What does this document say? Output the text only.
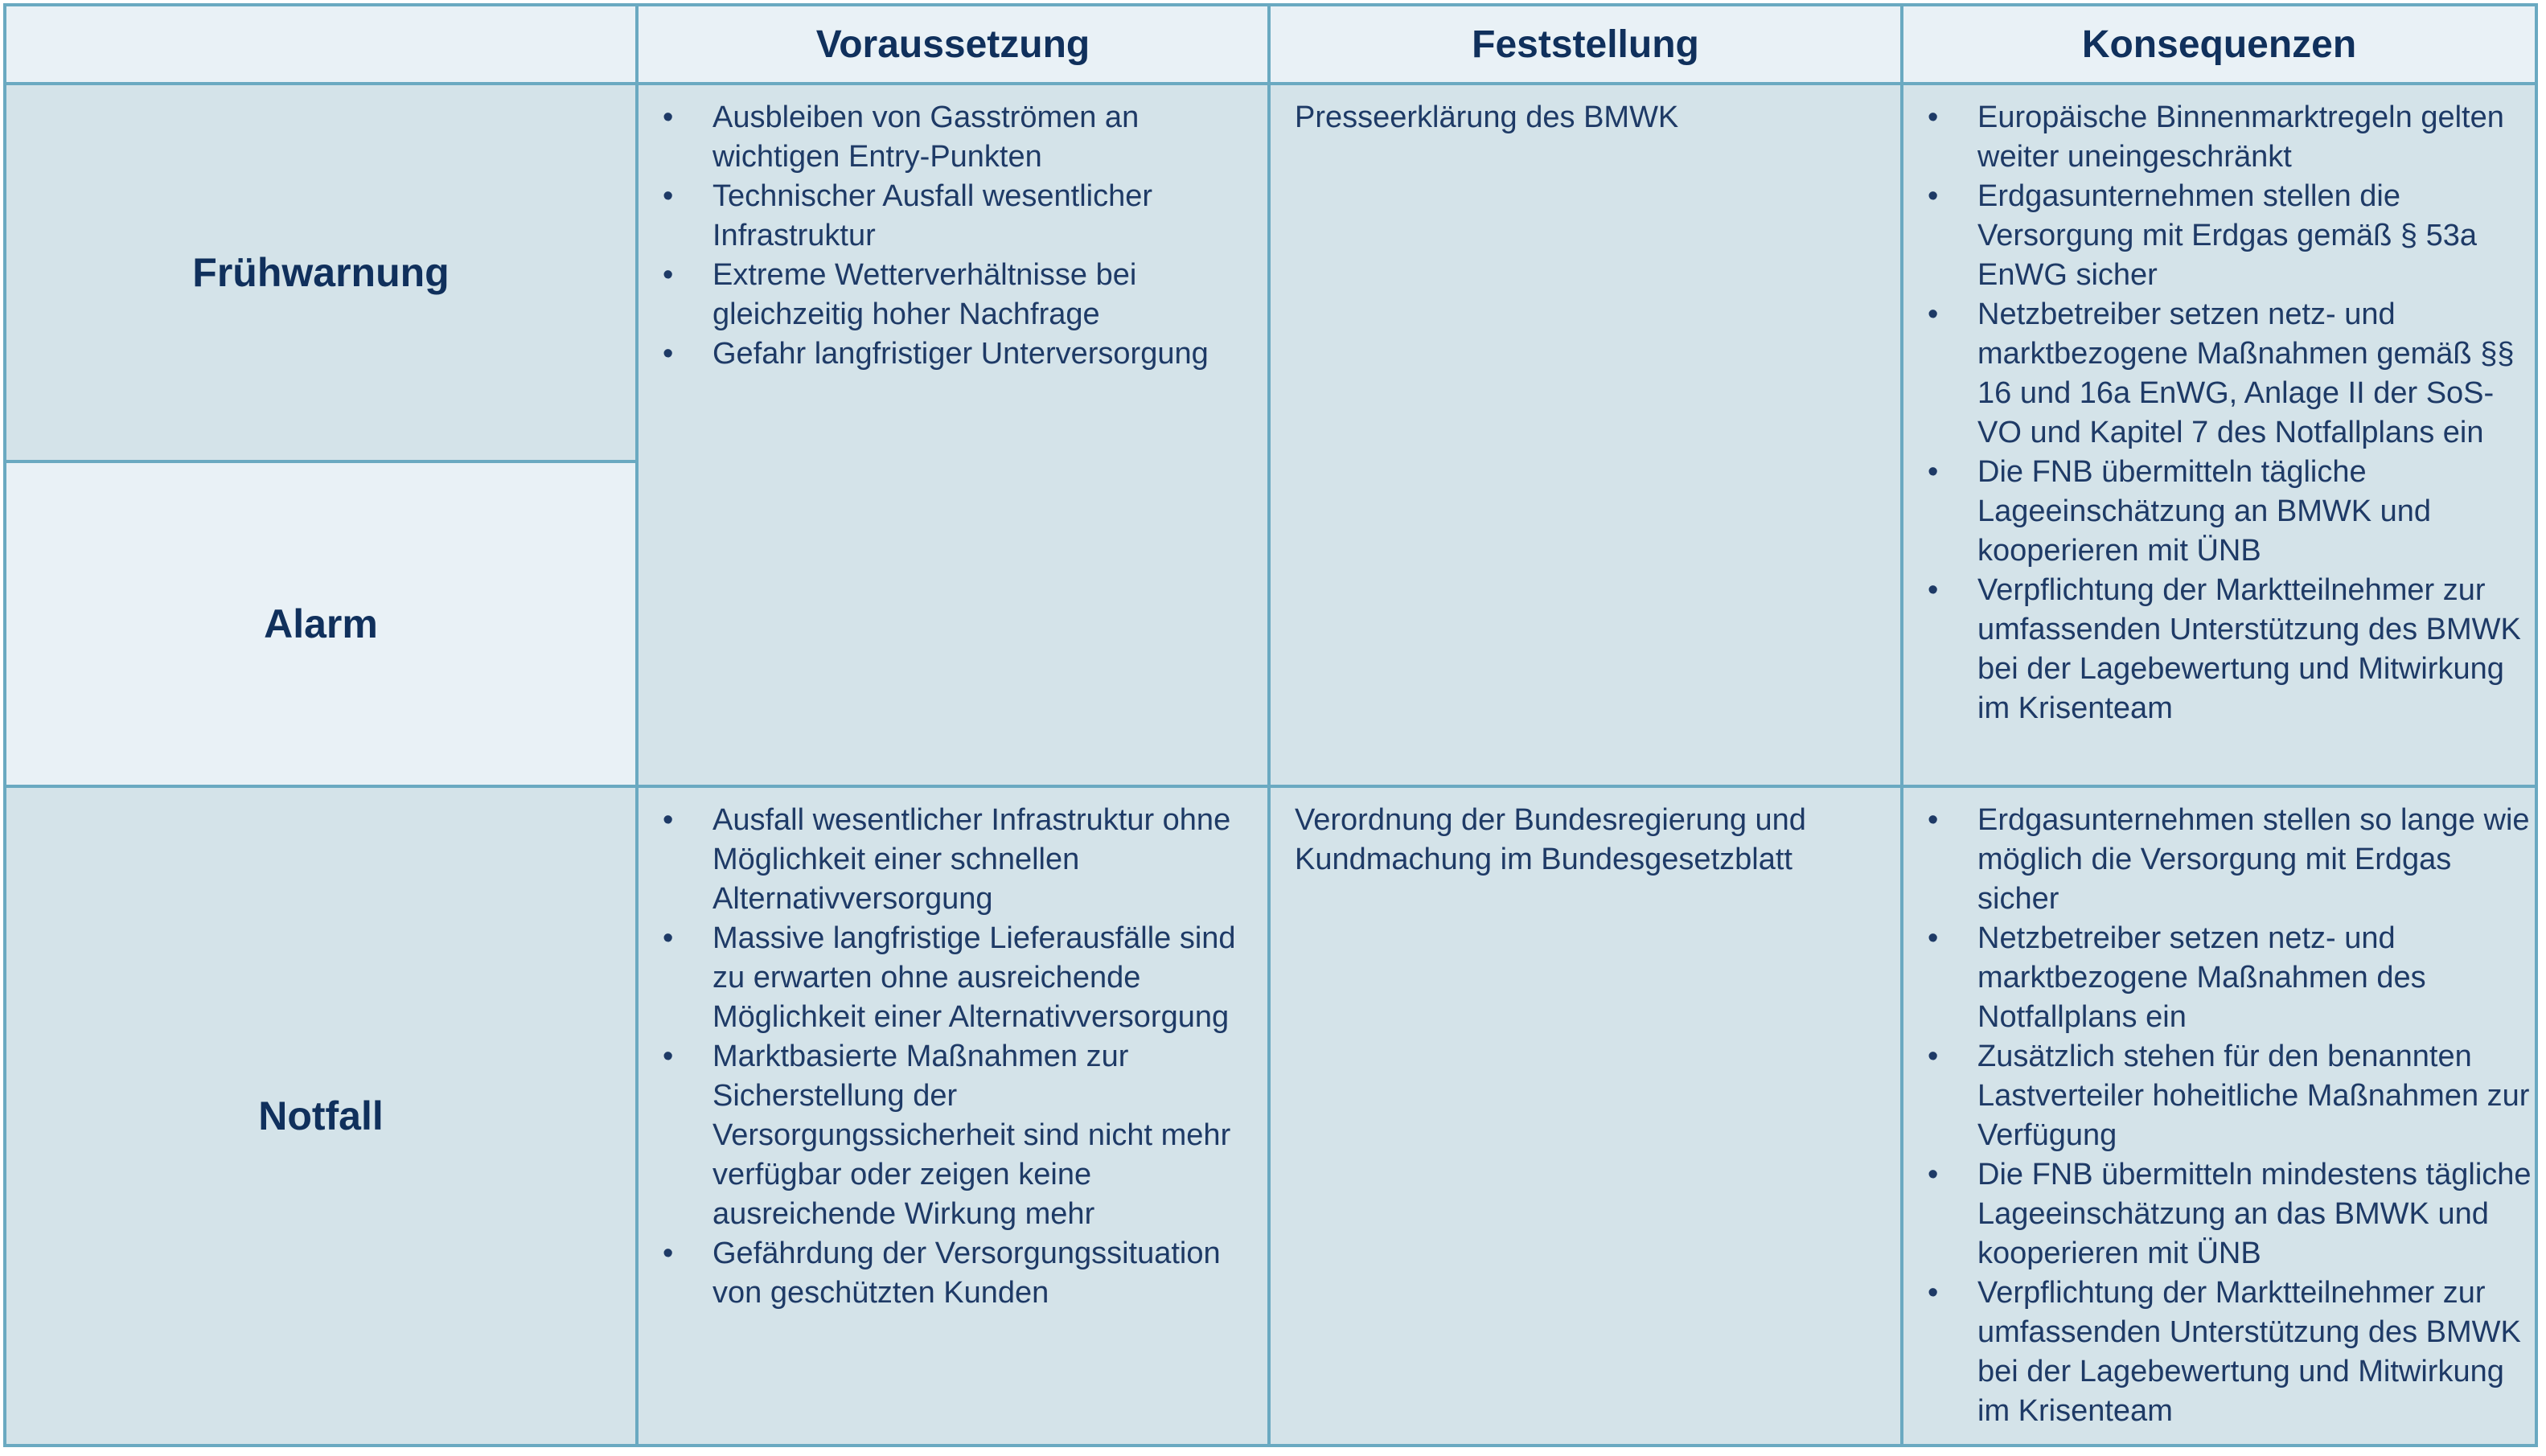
Voraussetzung	Feststellung	Konsequenzen
Frühwarnung
Alarm
Notfall
• Ausbleiben von Gasströmen an wichtigen Entry-Punkten
• Technischer Ausfall wesentlicher Infrastruktur
• Extreme Wetterverhältnisse bei gleichzeitig hoher Nachfrage
• Gefahr langfristiger Unterversorgung
Presseerklärung des BMWK
•	Europäische Binnenmarktregeln gelten weiter uneingeschränkt
• Erdgasunternehmen stellen die Versorgung mit Erdgas gemäß § 53a EnWG sicher
• Netzbetreiber setzen netz- und marktbezogene Maßnahmen gemäß §§ 16 und 16a EnWG, Anlage II der SoS-VO und Kapitel 7 des Notfallplans ein
• Die FNB übermitteln tägliche Lageeinschätzung an BMWK und kooperieren mit ÜNB
• Verpflichtung der Marktteilnehmer zur umfassenden Unterstützung des BMWK bei der Lagebewertung und Mitwirkung im Krisenteam
• Ausfall wesentlicher Infrastruktur ohne Möglichkeit einer schnellen Alternativversorgung
• Massive langfristige Lieferausfälle sind zu erwarten ohne ausreichende Möglichkeit einer Alternativversorgung
• Marktbasierte Maßnahmen zur Sicherstellung der Versorgungssicherheit sind nicht mehr verfügbar oder zeigen keine ausreichende Wirkung mehr
• Gefährdung der Versorgungssituation von geschützten Kunden
Verordnung der Bundesregierung und Kundmachung im Bundesgesetzblatt
• Erdgasunternehmen stellen so lange wie möglich die Versorgung mit Erdgas sicher
• Netzbetreiber setzen netz- und marktbezogene Maßnahmen des Notfallplans ein
• Zusätzlich stehen für den benannten Lastverteiler hoheitliche Maßnahmen zur Verfügung
• Die FNB übermitteln mindestens tägliche Lageeinschätzung an das BMWK und kooperieren mit ÜNB
• Verpflichtung der Marktteilnehmer zur umfassenden Unterstützung des BMWK bei der Lagebewertung und Mitwirkung im Krisenteam
